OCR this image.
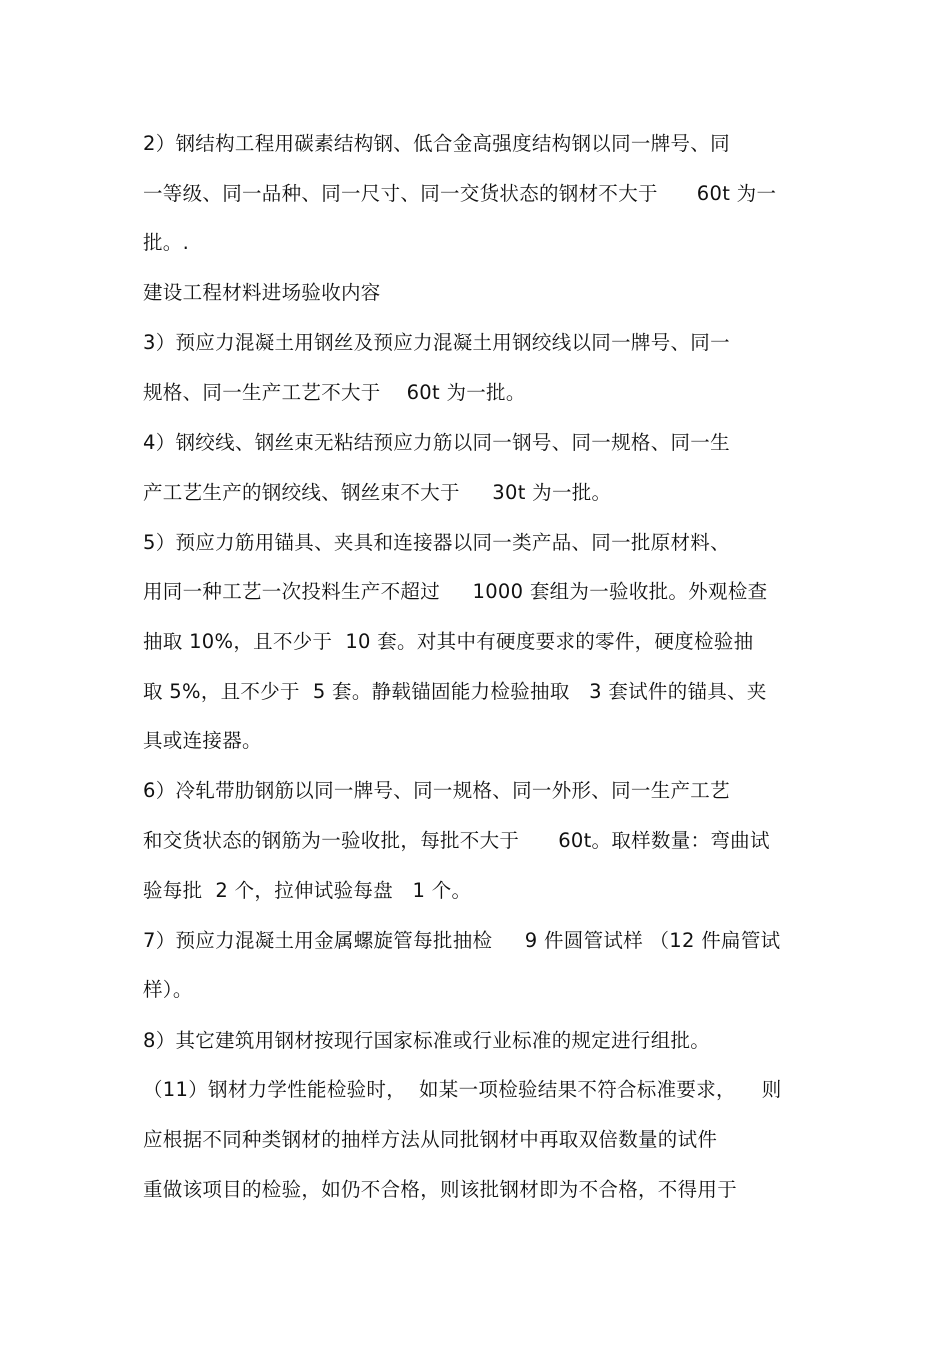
2）钢结构工程用碳素结构钢、低合金高强度结构钢以同一牌号、同
一等级、同一品种、同一尺寸、同一交货状态的钢材不大于      60t 为一
批。.
建设工程材料进场验收内容
3）预应力混凝土用钢丝及预应力混凝土用钢绞线以同一牌号、同一
规格、同一生产工艺不大于    60t 为一批。
4）钢绞线、钢丝束无粘结预应力筋以同一钢号、同一规格、同一生
产工艺生产的钢绞线、钢丝束不大于     30t 为一批。
5）预应力筋用锚具、夹具和连接器以同一类产品、同一批原材料、
用同一种工艺一次投料生产不超过     1000 套组为一验收批。外观检查
抽取 10%，且不少于  10 套。对其中有硬度要求的零件，硬度检验抽
取 5%，且不少于  5 套。静载锚固能力检验抽取   3 套试件的锚具、夹
具或连接器。
6）冷轧带肋钢筋以同一牌号、同一规格、同一外形、同一生产工艺
和交货状态的钢筋为一验收批，每批不大于      60t。取样数量：弯曲试
验每批  2 个，拉伸试验每盘   1 个。
7）预应力混凝土用金属螺旋管每批抽检     9 件圆管试样 （12 件扁管试
样）。
8）其它建筑用钢材按现行国家标准或行业标准的规定进行组批。
（11）钢材力学性能检验时，  如某一项检验结果不符合标准要求，    则
应根据不同种类钢材的抽样方法从同批钢材中再取双倍数量的试件
重做该项目的检验，如仍不合格，则该批钢材即为不合格，不得用于
